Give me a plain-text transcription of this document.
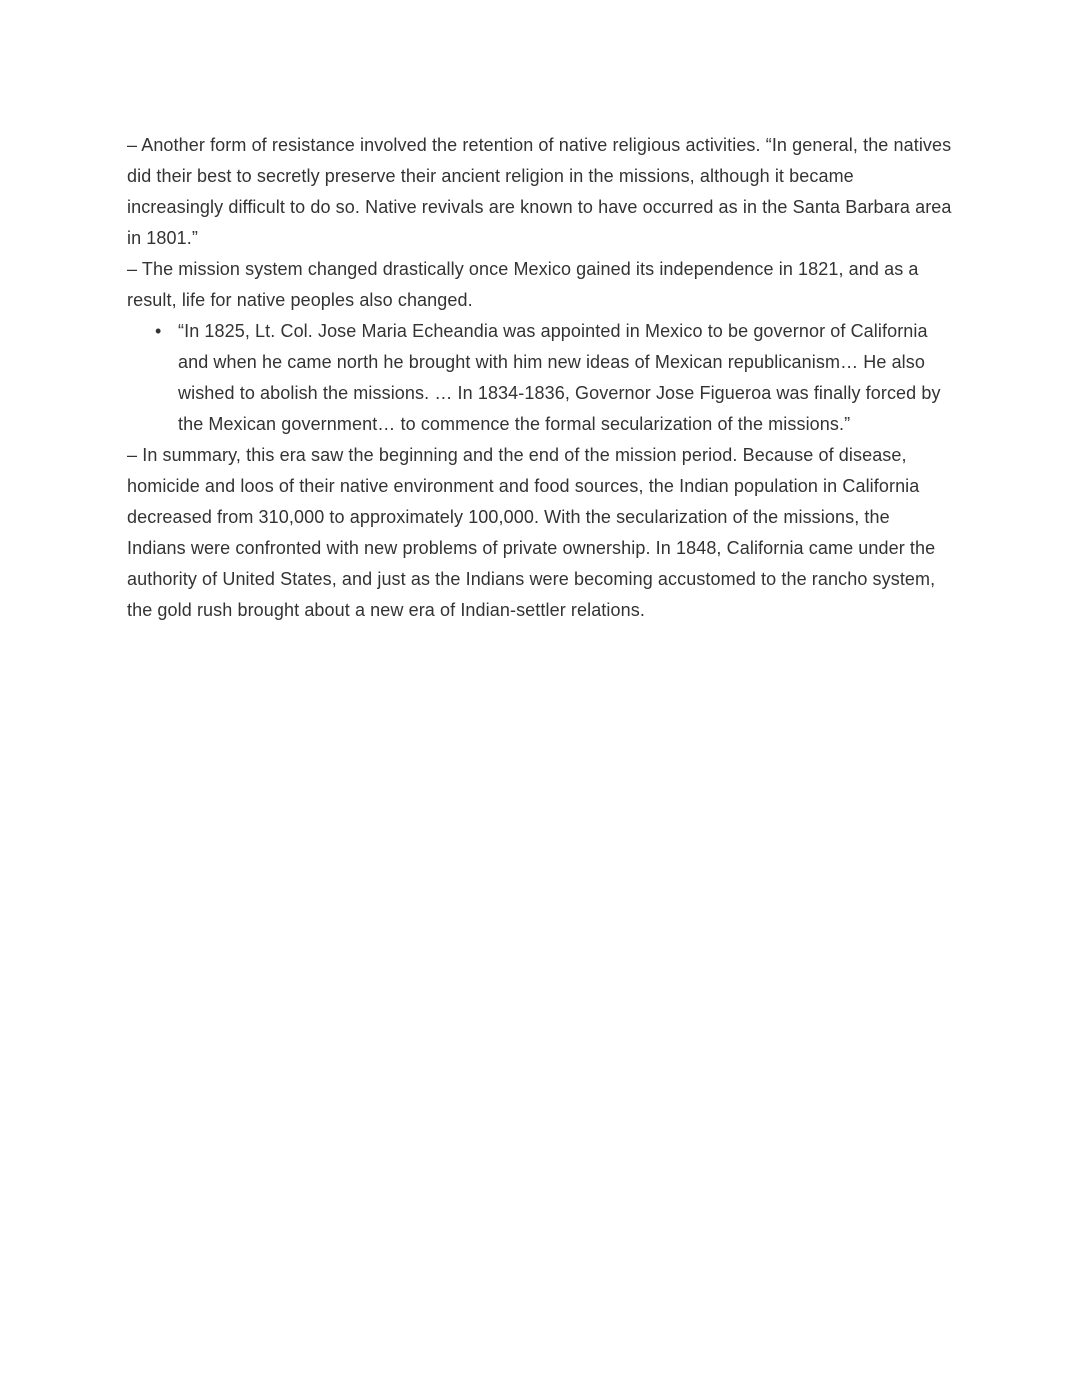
– Another form of resistance involved the retention of native religious activities. “In general, the natives did their best to secretly preserve their ancient religion in the missions, although it became increasingly difficult to do so. Native revivals are known to have occurred as in the Santa Barbara area in 1801.”

– The mission system changed drastically once Mexico gained its independence in 1821, and as a result, life for native peoples also changed.

• “In 1825, Lt. Col. Jose Maria Echeandia was appointed in Mexico to be governor of California and when he came north he brought with him new ideas of Mexican republicanism… He also wished to abolish the missions. … In 1834-1836, Governor Jose Figueroa was finally forced by the Mexican government… to commence the formal secularization of the missions.”

– In summary, this era saw the beginning and the end of the mission period. Because of disease, homicide and loos of their native environment and food sources, the Indian population in California decreased from 310,000 to approximately 100,000. With the secularization of the missions, the Indians were confronted with new problems of private ownership. In 1848, California came under the authority of United States, and just as the Indians were becoming accustomed to the rancho system, the gold rush brought about a new era of Indian-settler relations.
